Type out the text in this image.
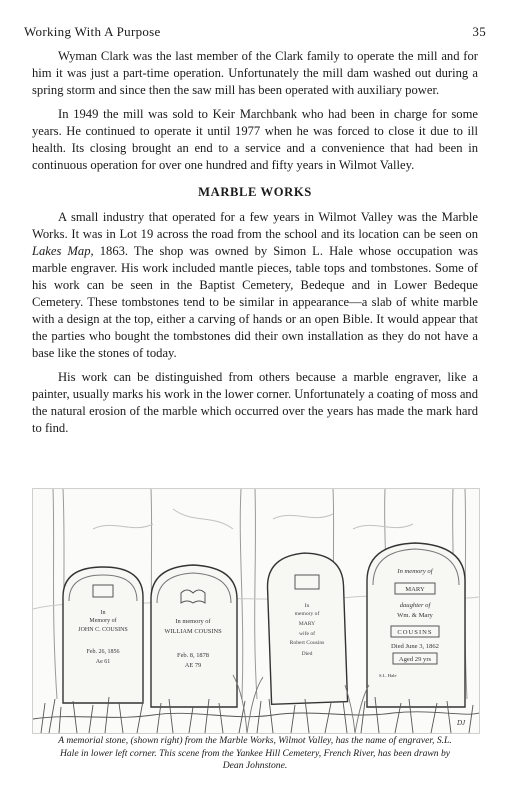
Working With A Purpose	35

Wyman Clark was the last member of the Clark family to operate the mill and for him it was just a part-time operation. Unfortunately the mill dam washed out during a spring storm and since then the saw mill has been operated with auxiliary power.

In 1949 the mill was sold to Keir Marchbank who had been in charge for some years. He continued to operate it until 1977 when he was forced to close it due to ill health. Its closing brought an end to a service and a convenience that had been in continuous operation for over one hundred and fifty years in Wilmot Valley.

MARBLE WORKS

A small industry that operated for a few years in Wilmot Valley was the Marble Works. It was in Lot 19 across the road from the school and its location can be seen on Lakes Map, 1863. The shop was owned by Simon L. Hale whose occupation was marble engraver. His work included mantle pieces, table tops and tombstones. Some of his work can be seen in the Baptist Cemetery, Bedeque and in Lower Bedeque Cemetery. These tombstones tend to be similar in appearance—a slab of white marble with a design at the top, either a carving of hands or an open Bible. It would appear that the parties who bought the tombstones did their own installation as they do not have a base like the stones of today.

His work can be distinguished from others because a marble engraver, like a painter, usually marks his work in the lower corner. Unfortunately a coating of moss and the natural erosion of the marble which occurred over the years has made the mark hard to find.

In
Memory of
JOHN C. COUSINS
Feb. 26, 1856
Ae 61
In memory of
WILLIAM COUSINS
Feb. 8, 1878
AE 79
In
memory of
MARY
wife of
Robert Cousins
Died
In memory of
MARY
daughter of
Wm. & Mary
COUSINS
Died June 3, 1862
Aged 29 yrs
S.L. Hale
DJ
A memorial stone, (shown right) from the Marble Works, Wilmot Valley, has the name of engraver, S.L. Hale in lower left corner. This scene from the Yankee Hill Cemetery, French River, has been drawn by Dean Johnstone.
